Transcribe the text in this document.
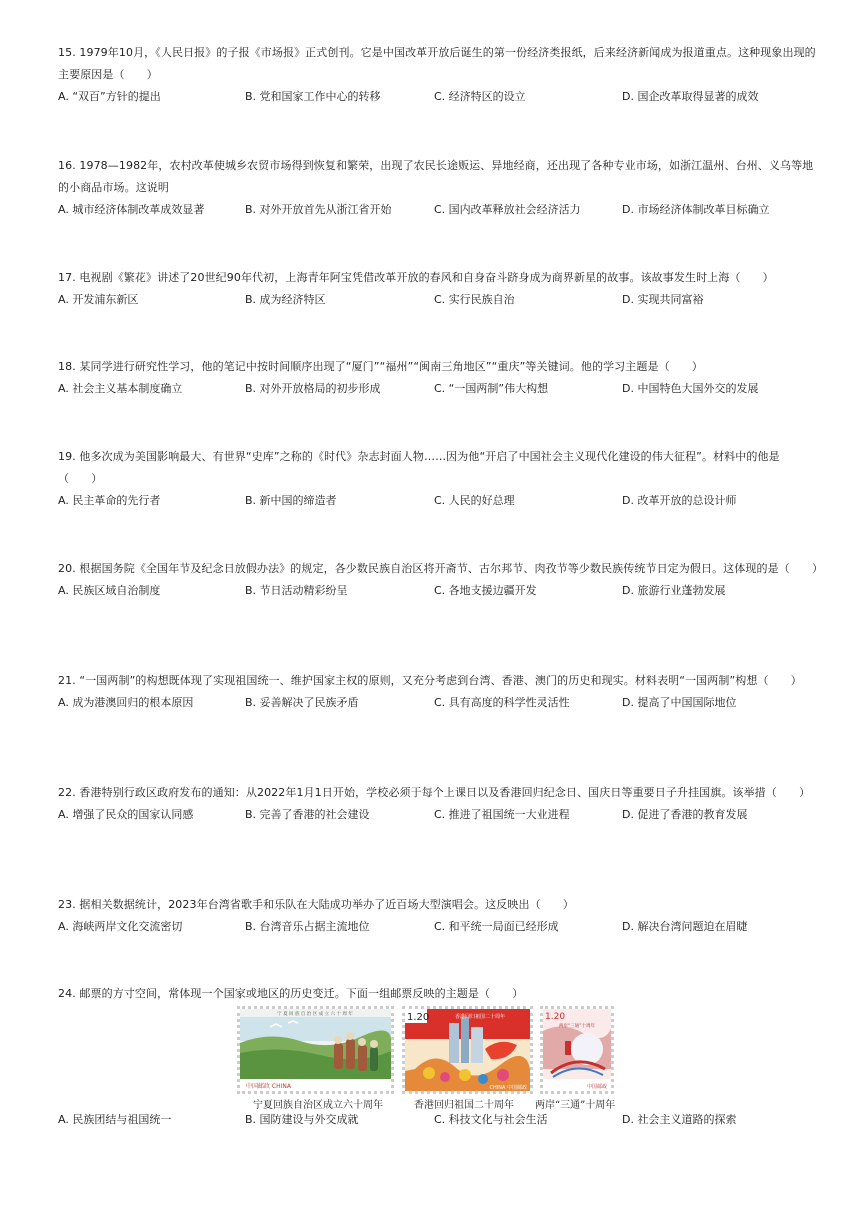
15. 1979年10月，《人民日报》的子报《市场报》正式创刊。它是中国改革开放后诞生的第一份经济类报纸，后来经济新闻成为报道重点。这种现象出现的主要原因是（　　）
A. “双百”方针的提出	B. 党和国家工作中心的转移	C. 经济特区的设立	D. 国企改革取得显著的成效
16. 1978—1982年，农村改革使城乡农贸市场得到恢复和繁荣，出现了农民长途贩运、异地经商，还出现了各种专业市场，如浙江温州、台州、义乌等地的小商品市场。这说明
A. 城市经济体制改革成效显著	B. 对外开放首先从浙江省开始	C. 国内改革释放社会经济活力	D. 市场经济体制改革目标确立
17. 电视剧《繁花》讲述了20世纪90年代初，上海青年阿宝凭借改革开放的春风和自身奋斗跻身成为商界新星的故事。该故事发生时上海（　　）
A. 开发浦东新区	B. 成为经济特区	C. 实行民族自治	D. 实现共同富裕
18. 某同学进行研究性学习，他的笔记中按时间顺序出现了“厦门”“福州”“闽南三角地区”“重庆”等关键词。他的学习主题是（　　）
A. 社会主义基本制度确立	B. 对外开放格局的初步形成	C. “一国两制”伟大构想	D. 中国特色大国外交的发展
19. 他多次成为美国影响最大、有世界“史库”之称的《时代》杂志封面人物……因为他“开启了中国社会主义现代化建设的伟大征程”。材料中的他是（　　）
A. 民主革命的先行者	B. 新中国的缔造者	C. 人民的好总理	D. 改革开放的总设计师
20. 根据国务院《全国年节及纪念日放假办法》的规定，各少数民族自治区将开斋节、古尔邦节、肉孜节等少数民族传统节日定为假日。这体现的是（　　）
A. 民族区域自治制度	B. 节日活动精彩纷呈	C. 各地支援边疆开发	D. 旅游行业蓬勃发展
21. “一国两制”的构想既体现了实现祖国统一、维护国家主权的原则，又充分考虑到台湾、香港、澳门的历史和现实。材料表明“一国两制”构想（　　）
A. 成为港澳回归的根本原因	B. 妥善解决了民族矛盾	C. 具有高度的科学性灵活性	D. 提高了中国国际地位
22. 香港特别行政区政府发布的通知：从2022年1月1日开始，学校必须于每个上课日以及香港回归纪念日、国庆日等重要日子升挂国旗。该举措（　　）
A. 增强了民众的国家认同感	B. 完善了香港的社会建设	C. 推进了祖国统一大业进程	D. 促进了香港的教育发展
23. 据相关数据统计，2023年台湾省歌手和乐队在大陆成功举办了近百场大型演唱会。这反映出（　　）
A. 海峡两岸文化交流密切	B. 台湾音乐占据主流地位	C. 和平统一局面已经形成	D. 解决台湾问题迫在眉睫
24. 邮票的方寸空间，常体现一个国家或地区的历史变迁。下面一组邮票反映的主题是（　　）
宁 夏 回 族 自 治 区 成 立 六 十 周 年
中国邮政 CHINA
宁夏回族自治区成立六十周年
1.20	香港回归祖国二十周年
CHINA 中国邮政
香港回归祖国二十周年
1.20
两岸“三通”十周年
中国邮政
两岸“三通”十周年
A. 民族团结与祖国统一	B. 国防建设与外交成就	C. 科技文化与社会生活	D. 社会主义道路的探索
